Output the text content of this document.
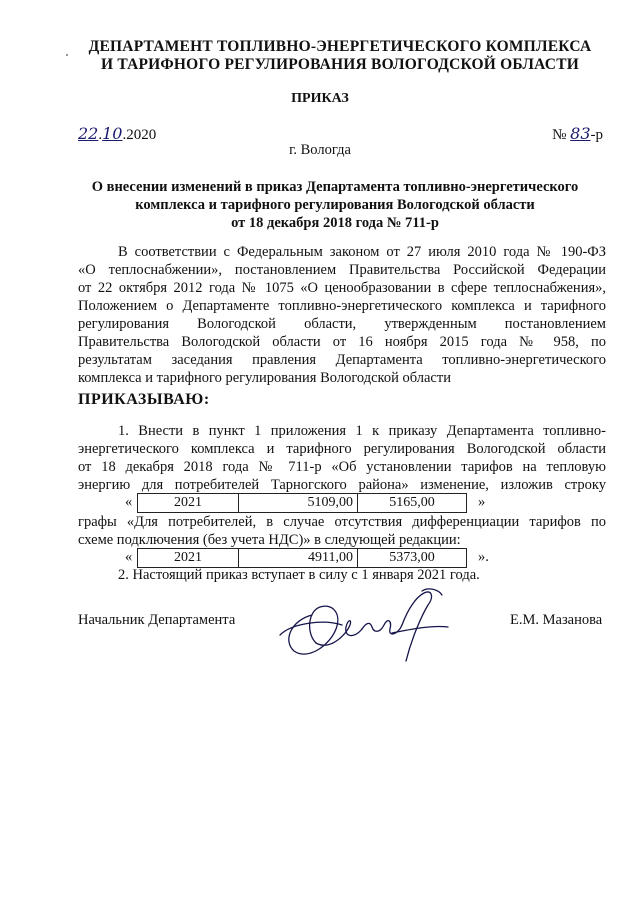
ДЕПАРТАМЕНТ ТОПЛИВНО-ЭНЕРГЕТИЧЕСКОГО КОМПЛЕКСА
И ТАРИФНОГО РЕГУЛИРОВАНИЯ ВОЛОГОДСКОЙ ОБЛАСТИ
ПРИКАЗ
22.10.2020	№ 83-р
г. Вологда
О внесении изменений в приказ Департамента топливно-энергетического
комплекса и тарифного регулирования Вологодской области
от 18 декабря 2018 года № 711-р
В соответствии с Федеральным законом от 27 июля 2010 года № 190-ФЗ
«О теплоснабжении», постановлением Правительства Российской Федерации
от 22 октября 2012 года № 1075 «О ценообразовании в сфере теплоснабжения»,
Положением о Департаменте топливно-энергетического комплекса и тарифного
регулирования Вологодской области, утвержденным постановлением
Правительства Вологодской области от 16 ноября 2015 года № 958, по
результатам заседания правления Департамента топливно-энергетического
комплекса и тарифного регулирования Вологодской области
ПРИКАЗЫВАЮ:
1. Внести в пункт 1 приложения 1 к приказу Департамента топливно-
энергетического комплекса и тарифного регулирования Вологодской области
от 18 декабря 2018 года № 711-р «Об установлении тарифов на тепловую
энергию для потребителей Тарногского района» изменение, изложив строку
«	2021	5109,00	5165,00	»
графы «Для потребителей, в случае отсутствия дифференциации тарифов по
схеме подключения (без учета НДС)» в следующей редакции:
«	2021	4911,00	5373,00	».
2. Настоящий приказ вступает в силу с 1 января 2021 года.
Начальник Департамента	Е.М. Мазанова
